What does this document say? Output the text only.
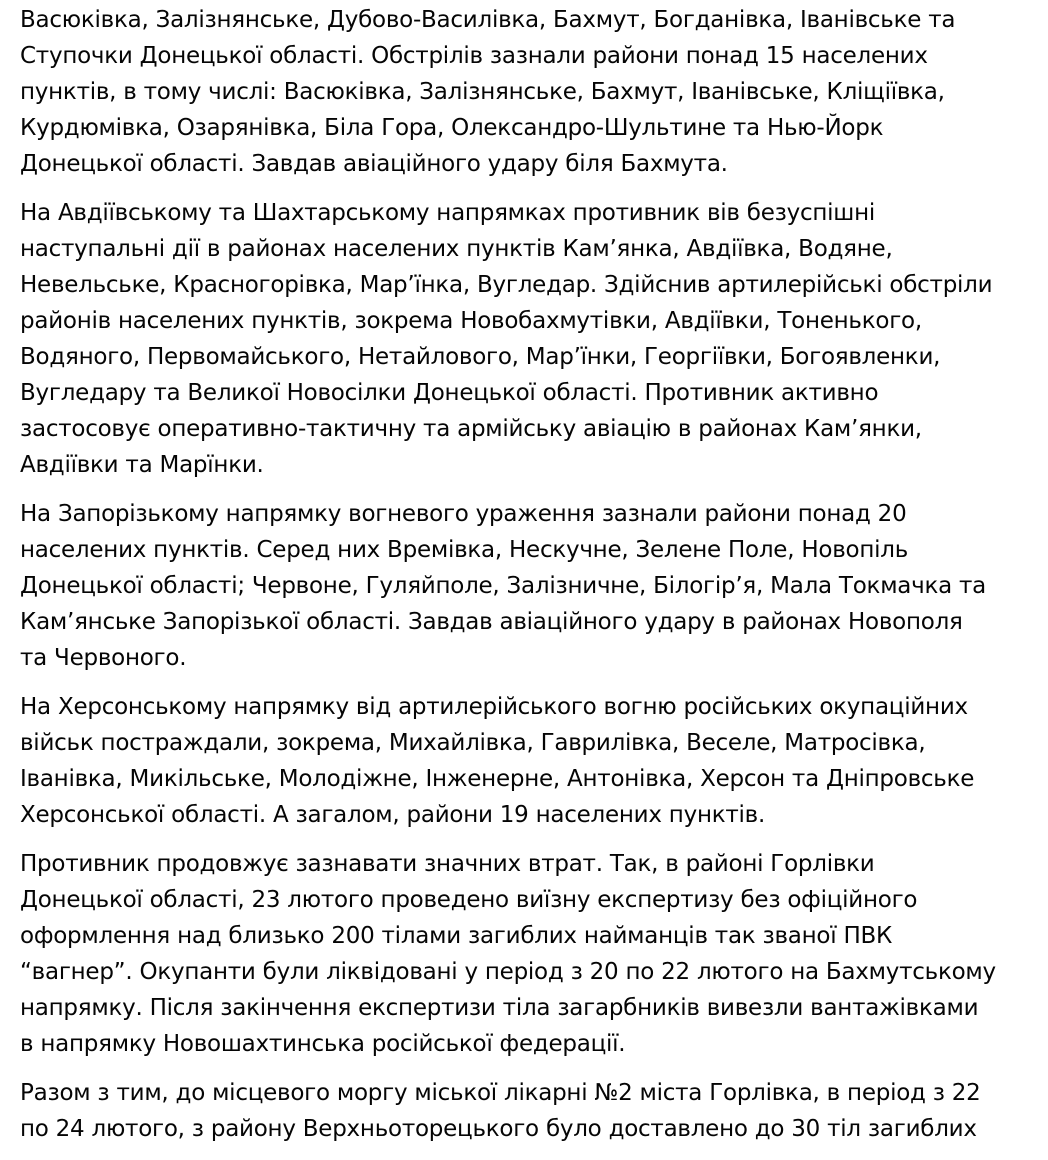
Васюківка, Залізнянське, Дубово-Василівка, Бахмут, Богданівка, Іванівське та
Ступочки Донецької області. Обстрілів зазнали райони понад 15 населених
пунктів, в тому числі: Васюківка, Залізнянське, Бахмут, Іванівське, Кліщіївка,
Курдюмівка, Озарянівка, Біла Гора, Олександро-Шультине та Нью-Йорк
Донецької області. Завдав авіаційного удару біля Бахмута.

На Авдіївському та Шахтарському напрямках противник вів безуспішні
наступальні дії в районах населених пунктів Кам’янка, Авдіївка, Водяне,
Невельське, Красногорівка, Мар’їнка, Вугледар. Здійснив артилерійські обстріли
районів населених пунктів, зокрема Новобахмутівки, Авдіївки, Тоненького,
Водяного, Первомайського, Нетайлового, Мар’їнки, Георгіївки, Богоявленки,
Вугледару та Великої Новосілки Донецької області. Противник активно
застосовує оперативно-тактичну та армійську авіацію в районах Кам’янки,
Авдіївки та Марїнки.

На Запорізькому напрямку вогневого ураження зазнали райони понад 20
населених пунктів. Серед них Времівка, Нескучне, Зелене Поле, Новопіль
Донецької області; Червоне, Гуляйполе, Залізничне, Білогір’я, Мала Токмачка та
Кам’янське Запорізької області. Завдав авіаційного удару в районах Новополя
та Червоного.

На Херсонському напрямку від артилерійського вогню російських окупаційних
військ постраждали, зокрема, Михайлівка, Гаврилівка, Веселе, Матросівка,
Іванівка, Микільське, Молодіжне, Інженерне, Антонівка, Херсон та Дніпровське
Херсонської області. А загалом, райони 19 населених пунктів.

Противник продовжує зазнавати значних втрат. Так, в районі Горлівки
Донецької області, 23 лютого проведено виїзну експертизу без офіційного
оформлення над близько 200 тілами загиблих найманців так званої ПВК
“вагнер”. Окупанти були ліквідовані у період з 20 по 22 лютого на Бахмутському
напрямку. Після закінчення експертизи тіла загарбників вивезли вантажівками
в напрямку Новошахтинська російської федерації.

Разом з тим, до місцевого моргу міської лікарні №2 міста Горлівка, в період з 22
по 24 лютого, з району Верхньоторецького було доставлено до 30 тіл загиблих
